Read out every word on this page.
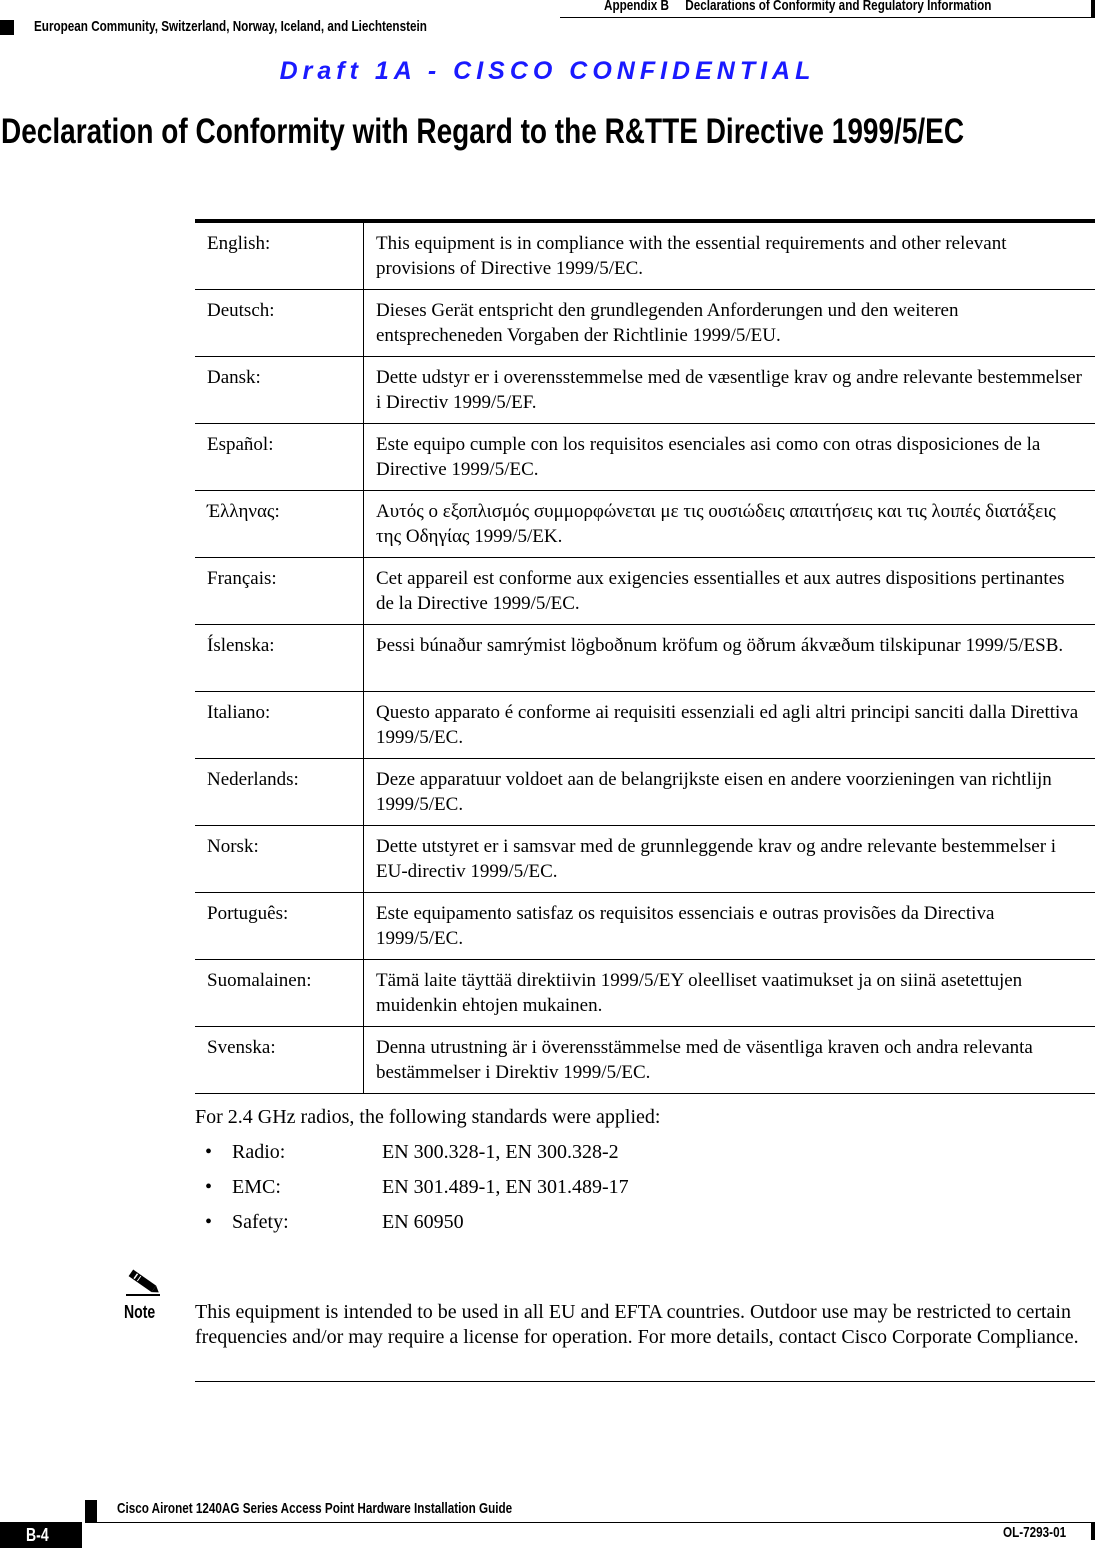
Appendix B Declarations of Conformity and Regulatory Information
European Community, Switzerland, Norway, Iceland, and Liechtenstein
Draft 1A - CISCO CONFIDENTIAL
Declaration of Conformity with Regard to the R&TTE Directive 1999/5/EC
English:	This equipment is in compliance with the essential requirements and other relevant provisions of Directive 1999/5/EC.
Deutsch:	Dieses Gerät entspricht den grundlegenden Anforderungen und den weiteren entsprecheneden Vorgaben der Richtlinie 1999/5/EU.
Dansk:	Dette udstyr er i overensstemmelse med de væsentlige krav og andre relevante bestemmelser i Directiv 1999/5/EF.
Español:	Este equipo cumple con los requisitos esenciales asi como con otras disposiciones de la Directive 1999/5/EC.
Έλληνας:	Αυτός ο εξοπλισμός συμμορφώνεται με τις ουσιώδεις απαιτήσεις και τις λοιπές διατάξεις της Οδηγίας 1999/5/ΕΚ.
Français:	Cet appareil est conforme aux exigencies essentialles et aux autres dispositions pertinantes de la Directive 1999/5/EC.
Íslenska:	Þessi búnaður samrýmist lögboðnum kröfum og öðrum ákvæðum tilskipunar 1999/5/ESB.
Italiano:	Questo apparato é conforme ai requisiti essenziali ed agli altri principi sanciti dalla Direttiva 1999/5/EC.
Nederlands:	Deze apparatuur voldoet aan de belangrijkste eisen en andere voorzieningen van richtlijn 1999/5/EC.
Norsk:	Dette utstyret er i samsvar med de grunnleggende krav og andre relevante bestemmelser i EU-directiv 1999/5/EC.
Português:	Este equipamento satisfaz os requisitos essenciais e outras provisões da Directiva 1999/5/EC.
Suomalainen:	Tämä laite täyttää direktiivin 1999/5/EY oleelliset vaatimukset ja on siinä asetettujen muidenkin ehtojen mukainen.
Svenska:	Denna utrustning är i överensstämmelse med de väsentliga kraven och andra relevanta bestämmelser i Direktiv 1999/5/EC.
For 2.4 GHz radios, the following standards were applied:
• Radio:	EN 300.328-1, EN 300.328-2
• EMC:	EN 301.489-1, EN 301.489-17
• Safety:	EN 60950
Note	This equipment is intended to be used in all EU and EFTA countries. Outdoor use may be restricted to certain frequencies and/or may require a license for operation. For more details, contact Cisco Corporate Compliance.
Cisco Aironet 1240AG Series Access Point Hardware Installation Guide
B-4	OL-7293-01
